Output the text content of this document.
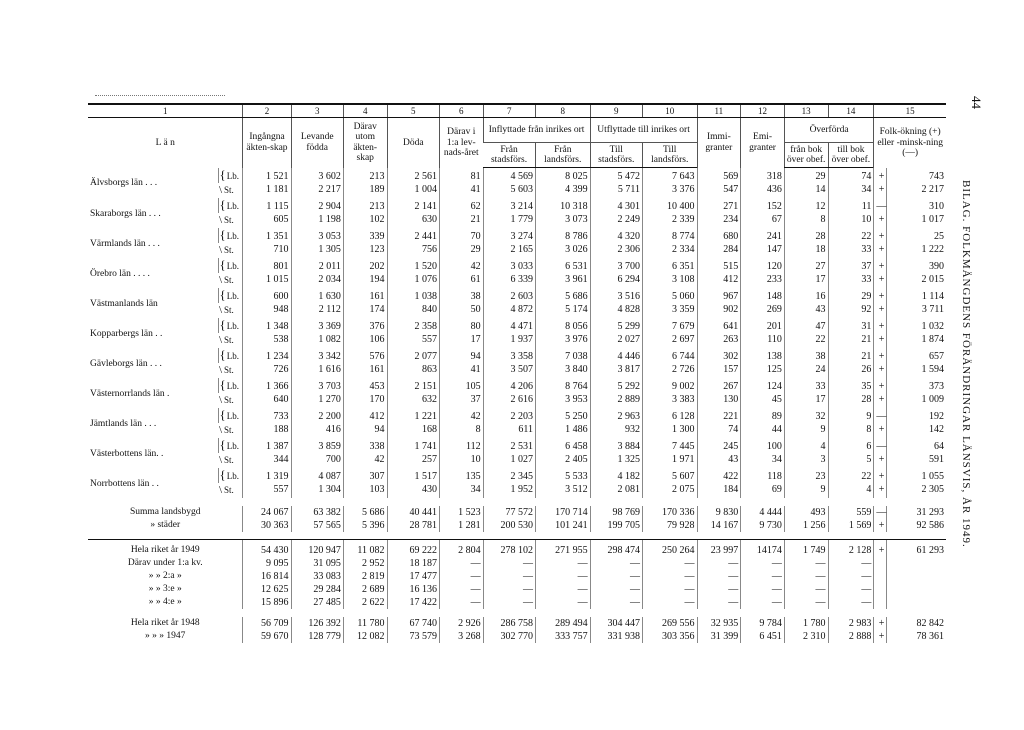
44
BILAG. FOLKMÄNGDENS FÖRÄNDRINGAR LÄNSVIS, ÅR 1949.
1		2	3	4	5	6	7	8	9	10	11	12	13	14	15	
L ä n		Ingångna äkten-skap	Levande födda	Därav utom äkten-skap	Döda	Därav i 1:a lev-nads-året	Inflyttade från inrikes ort		Utflyttade till inrikes ort		Immi-granter	Emi-granter	Överförda		Folk-ökning (+) eller -minsk-ning (—)	
							Från stadsförs.	Från landsförs.	Till stadsförs.	Till landsförs.			från bok över obef.	till bok över obef.		
Älvsborgs län . . .	{Lb.	1 521	3 602	213	2 561	81	4 569	8 025	5 472	7 643	569	318	29	74	+	743
	\ St.	1 181	2 217	189	1 004	41	5 603	4 399	5 711	3 376	547	436	14	34	+	2 217
Skaraborgs län . . .	{Lb.	1 115	2 904	213	2 141	62	3 214	10 318	4 301	10 400	271	152	12	11	—	310
	\ St.	605	1 198	102	630	21	1 779	3 073	2 249	2 339	234	67	8	10	+	1 017
Värmlands län . . .	{Lb.	1 351	3 053	339	2 441	70	3 274	8 786	4 320	8 774	680	241	28	22	+	25
	\ St.	710	1 305	123	756	29	2 165	3 026	2 306	2 334	284	147	18	33	+	1 222
Örebro län . . . .	{Lb.	801	2 011	202	1 520	42	3 033	6 531	3 700	6 351	515	120	27	37	+	390
	\ St.	1 015	2 034	194	1 076	61	6 339	3 961	6 294	3 108	412	233	17	33	+	2 015
Västmanlands län	{Lb.	600	1 630	161	1 038	38	2 603	5 686	3 516	5 060	967	148	16	29	+	1 114
	\ St.	948	2 112	174	840	50	4 872	5 174	4 828	3 359	902	269	43	92	+	3 711
Kopparbergs län . .	{Lb.	1 348	3 369	376	2 358	80	4 471	8 056	5 299	7 679	641	201	47	31	+	1 032
	\ St.	538	1 082	106	557	17	1 937	3 976	2 027	2 697	263	110	22	21	+	1 874
Gävleborgs län . . .	{Lb.	1 234	3 342	576	2 077	94	3 358	7 038	4 446	6 744	302	138	38	21	+	657
	\ St.	726	1 616	161	863	41	3 507	3 840	3 817	2 726	157	125	24	26	+	1 594
Västernorrlands län .	{Lb.	1 366	3 703	453	2 151	105	4 206	8 764	5 292	9 002	267	124	33	35	+	373
	\ St.	640	1 270	170	632	37	2 616	3 953	2 889	3 383	130	45	17	28	+	1 009
Jämtlands län . . .	{Lb.	733	2 200	412	1 221	42	2 203	5 250	2 963	6 128	221	89	32	9	—	192
	\ St.	188	416	94	168	8	611	1 486	932	1 300	74	44	9	8	+	142
Västerbottens län. .	{Lb.	1 387	3 859	338	1 741	112	2 531	6 458	3 884	7 445	245	100	4	6	—	64
	\ St.	344	700	42	257	10	1 027	2 405	1 325	1 971	43	34	3	5	+	591
Norrbottens län . .	{Lb.	1 319	4 087	307	1 517	135	2 345	5 533	4 182	5 607	422	118	23	22	+	1 055
	\ St.	557	1 304	103	430	34	1 952	3 512	2 081	2 075	184	69	9	4	+	2 305

Summa landsbygd		24 067	63 382	5 686	40 441	1 523	77 572	170 714	98 769	170 336	9 830	4 444	493	559	—	31 293
» städer		30 363	57 565	5 396	28 781	1 281	200 530	101 241	199 705	79 928	14 167	9 730	1 256	1 569	+	92 586

Hela riket år 1949		54 430	120 947	11 082	69 222	2 804	278 102	271 955	298 474	250 264	23 997	14174	1 749	2 128	+	61 293
Därav under 1:a kv.		9 095	31 095	2 952	18 187	—	—	—	—	—	—	—	—	—		
» » 2:a »		16 814	33 083	2 819	17 477	—	—	—	—	—	—	—	—	—		
» » 3:e »		12 625	29 284	2 689	16 136	—	—	—	—	—	—	—	—	—		
» » 4:e »		15 896	27 485	2 622	17 422	—	—	—	—	—	—	—	—	—		

Hela riket år 1948		56 709	126 392	11 780	67 740	2 926	286 758	289 494	304 447	269 556	32 935	9 784	1 780	2 983	+	82 842
» » » 1947		59 670	128 779	12 082	73 579	3 268	302 770	333 757	331 938	303 356	31 399	6 451	2 310	2 888	+	78 361
